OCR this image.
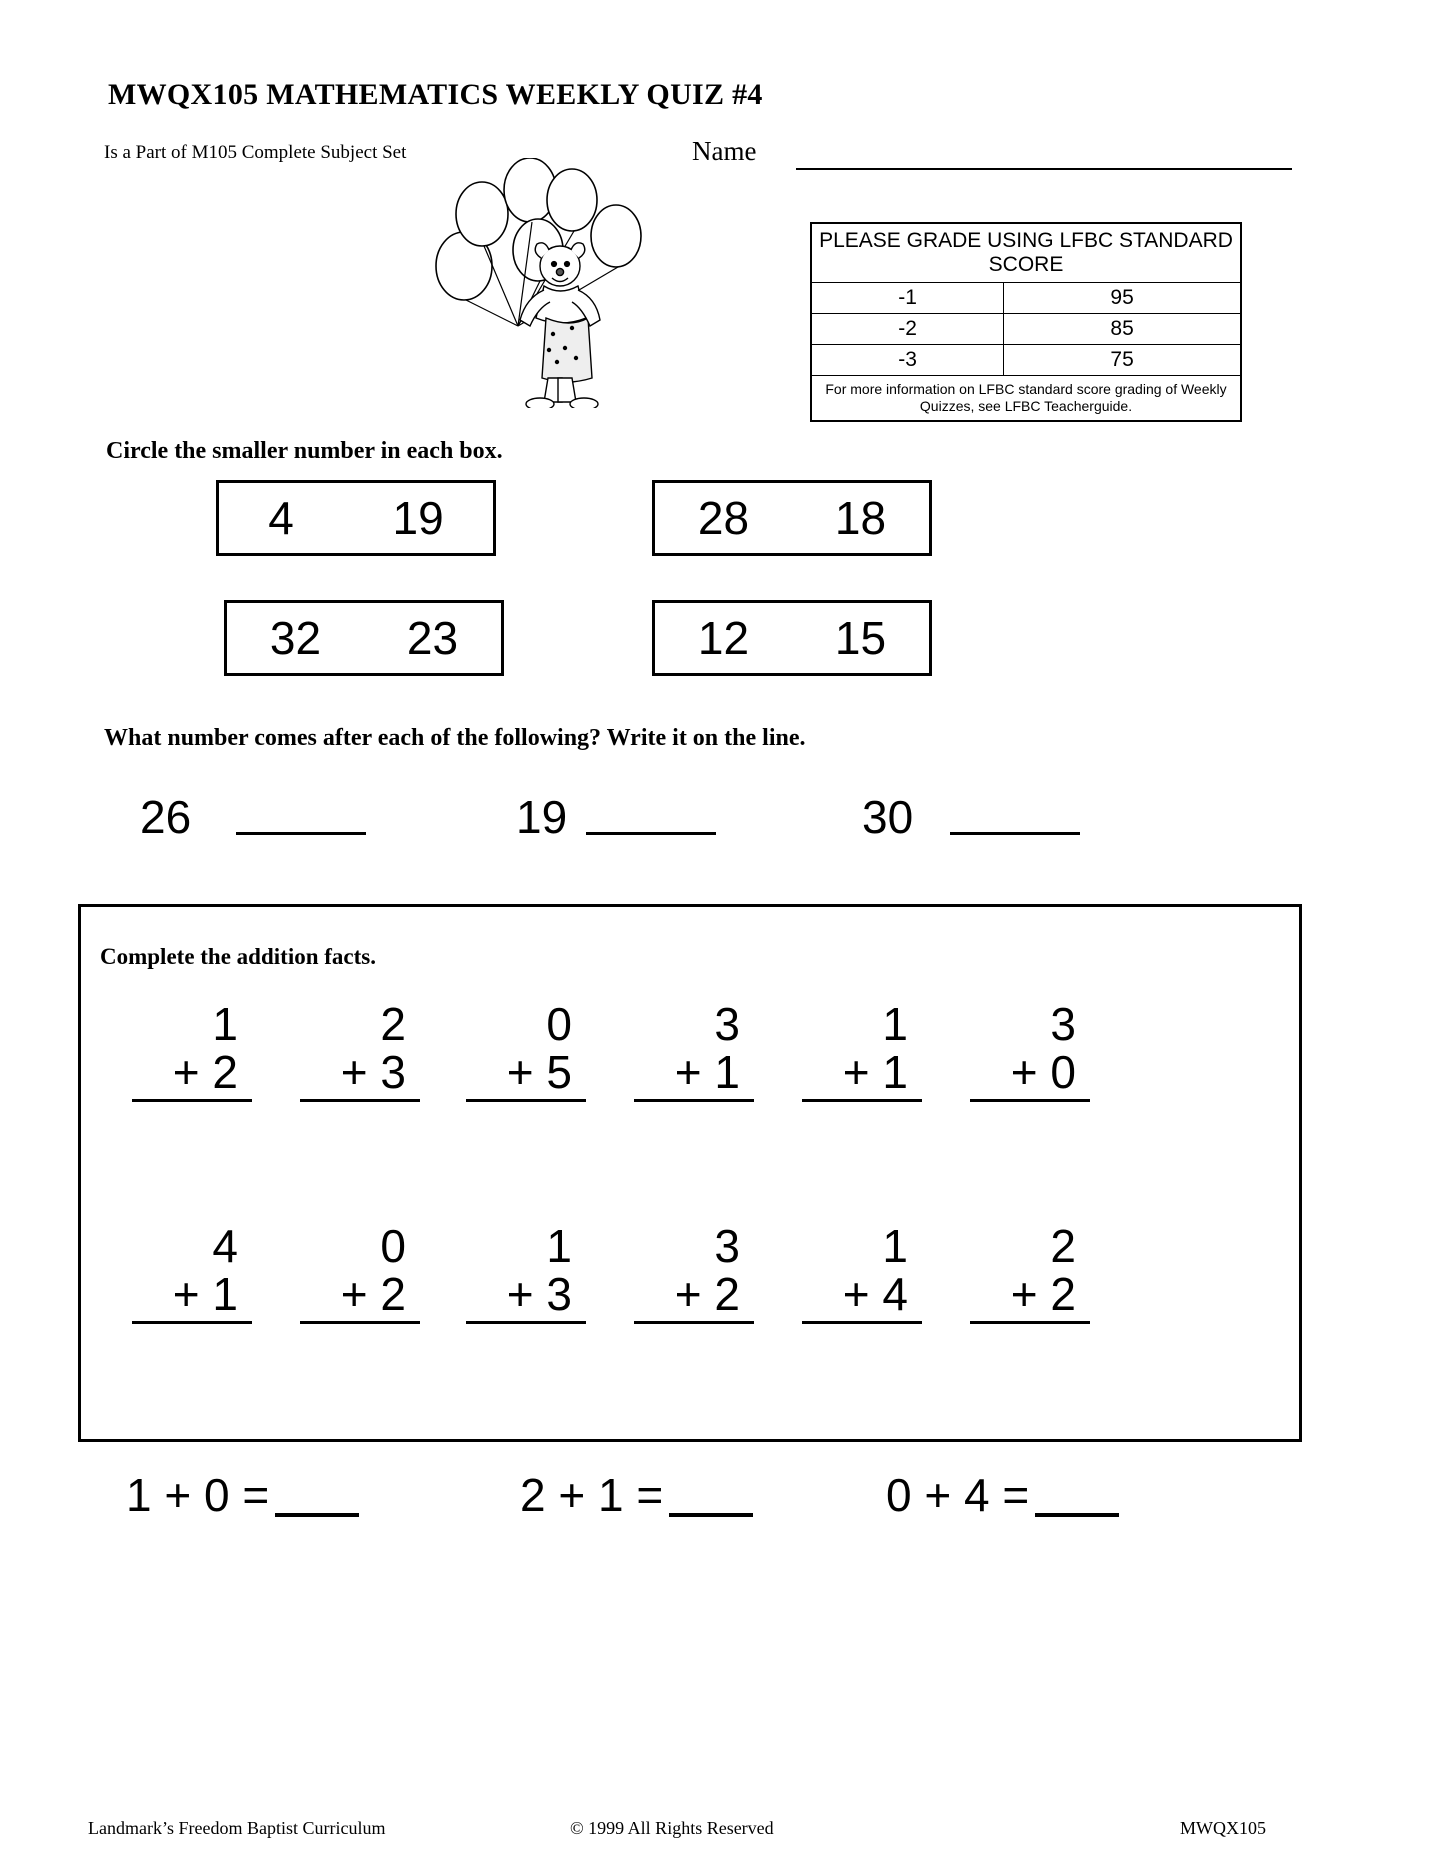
MWQX105 MATHEMATICS WEEKLY QUIZ #4
Is a Part of M105 Complete Subject Set	Name
PLEASE GRADE USING LFBC STANDARD SCORE	
-1	95
-2	85
-3	75
For more information on LFBC standard score grading of Weekly Quizzes, see LFBC Teacherguide.	
Circle the smaller number in each box.
4 19	28 18
32 23	12 15
What number comes after each of the following? Write it on the line.
26	19	30
Complete the addition facts.
1
+ 2
2
+ 3
0
+ 5
3
+ 1
1
+ 1
3
+ 0
4
+ 1
0
+ 2
1
+ 3
3
+ 2
1
+ 4
2
+ 2
1 + 0 =	2 + 1 =	0 + 4 =
Landmark’s Freedom Baptist Curriculum	© 1999 All Rights Reserved	MWQX105
